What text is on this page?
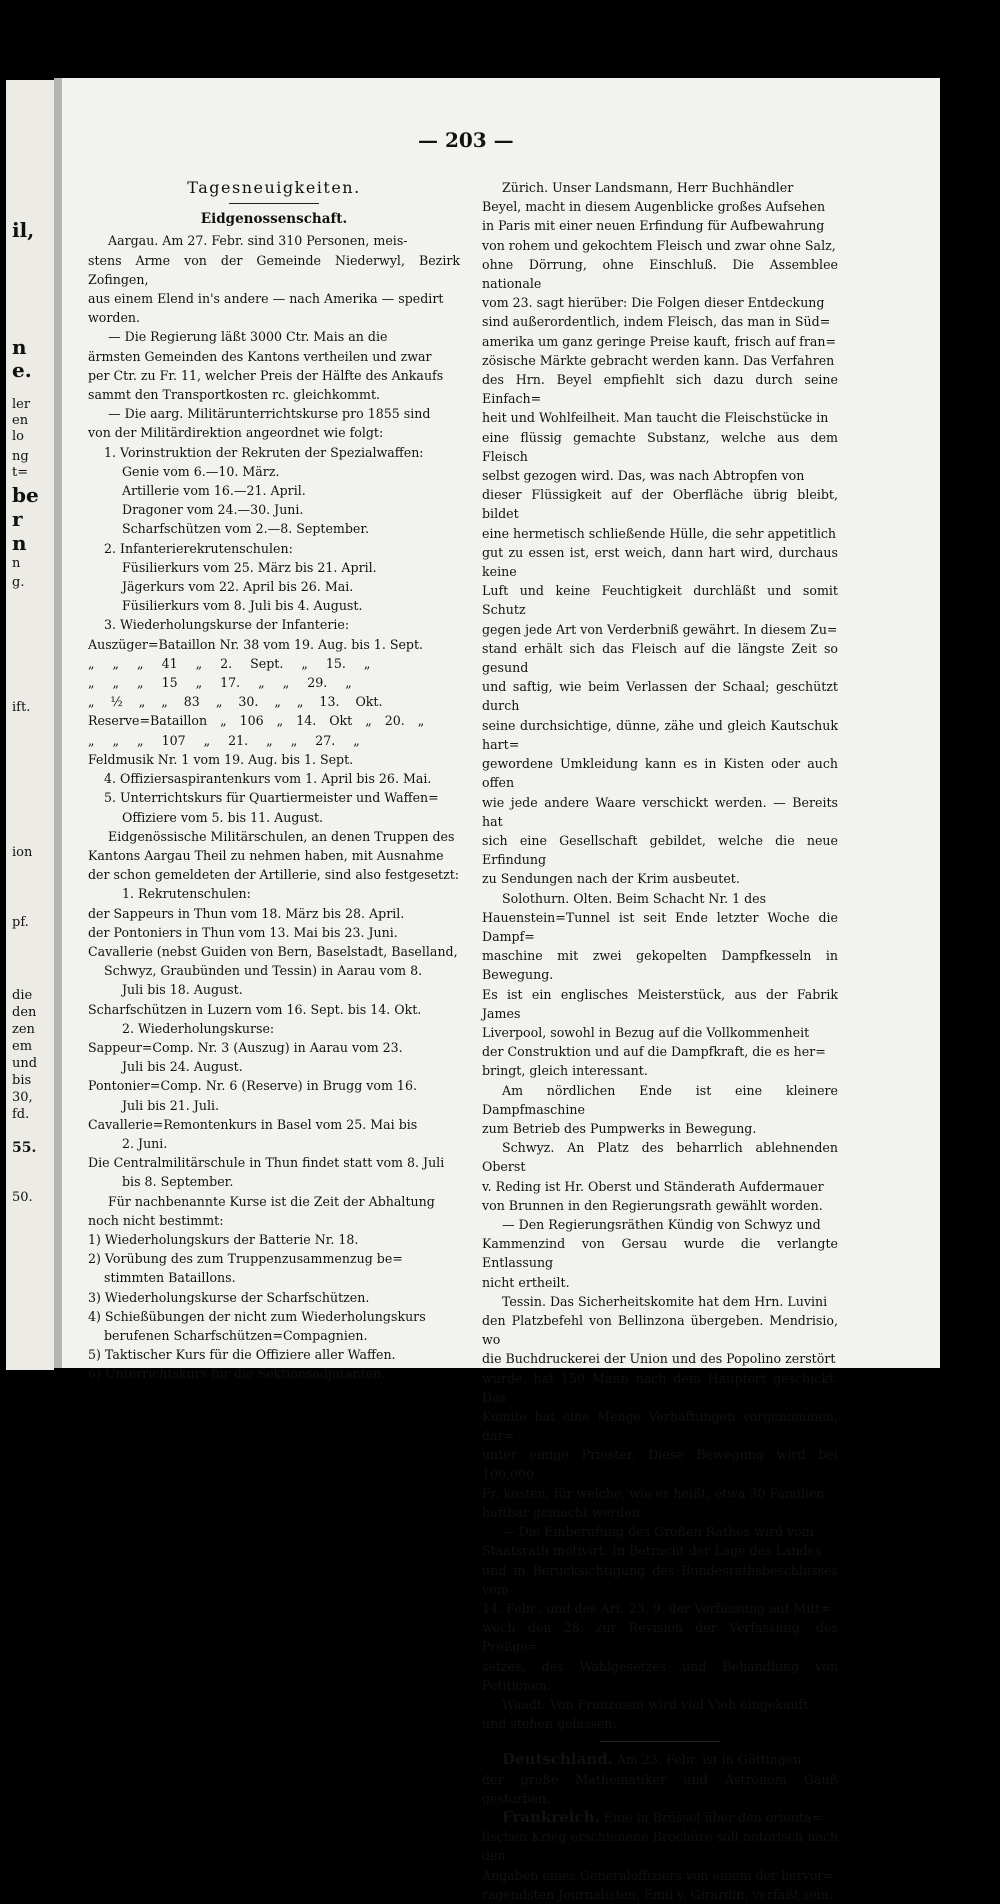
il,
n
e.
ler
en
lo
ng
t=
be
r
n
n
g.
ift.
ion
pf.
die
den
zen
em
und
bis
30,
fd.
55.
50.
— 203 —

Tagesneuigkeiten.

Eidgenossenschaft.

Aargau. Am 27. Febr. sind 310 Personen, meis-

stens Arme von der Gemeinde Niederwyl, Bezirk Zofingen,

aus einem Elend in's andere — nach Amerika — spedirt

worden.

— Die Regierung läßt 3000 Ctr. Mais an die

ärmsten Gemeinden des Kantons vertheilen und zwar

per Ctr. zu Fr. 11, welcher Preis der Hälfte des Ankaufs

sammt den Transportkosten rc. gleichkommt.

— Die aarg. Militärunterrichtskurse pro 1855 sind

von der Militärdirektion angeordnet wie folgt:

1. Vorinstruktion der Rekruten der Spezialwaffen:

Genie vom 6.—10. März.

Artillerie vom 16.—21. April.

Dragoner vom 24.—30. Juni.

Scharfschützen vom 2.—8. September.

2. Infanterierekrutenschulen:

Füsilierkurs vom 25. März bis 21. April.

Jägerkurs vom 22. April bis 26. Mai.

Füsilierkurs vom 8. Juli bis 4. August.

3. Wiederholungskurse der Infanterie:

Auszüger=Bataillon Nr. 38 vom 19. Aug. bis 1. Sept.

„ „ „ 41 „ 2. Sept. „ 15. „

„ „ „ 15 „ 17. „ „ 29. „

„ ½ „ „ 83 „ 30. „ „ 13. Okt.

Reserve=Bataillon „ 106 „ 14. Okt „ 20. „

„ „ „ 107 „ 21. „ „ 27. „

Feldmusik Nr. 1 vom 19. Aug. bis 1. Sept.

4. Offiziersaspirantenkurs vom 1. April bis 26. Mai.

5. Unterrichtskurs für Quartiermeister und Waffen=

Offiziere vom 5. bis 11. August.

Eidgenössische Militärschulen, an denen Truppen des

Kantons Aargau Theil zu nehmen haben, mit Ausnahme

der schon gemeldeten der Artillerie, sind also festgesetzt:

1. Rekrutenschulen:

der Sappeurs in Thun vom 18. März bis 28. April.

der Pontoniers in Thun vom 13. Mai bis 23. Juni.

Cavallerie (nebst Guiden von Bern, Baselstadt, Baselland,

Schwyz, Graubünden und Tessin) in Aarau vom 8.

Juli bis 18. August.

Scharfschützen in Luzern vom 16. Sept. bis 14. Okt.

2. Wiederholungskurse:

Sappeur=Comp. Nr. 3 (Auszug) in Aarau vom 23.

Juli bis 24. August.

Pontonier=Comp. Nr. 6 (Reserve) in Brugg vom 16.

Juli bis 21. Juli.

Cavallerie=Remontenkurs in Basel vom 25. Mai bis

2. Juni.

Die Centralmilitärschule in Thun findet statt vom 8. Juli

bis 8. September.

Für nachbenannte Kurse ist die Zeit der Abhaltung

noch nicht bestimmt:

1) Wiederholungskurs der Batterie Nr. 18.

2) Vorübung des zum Truppenzusammenzug be=

stimmten Bataillons.

3) Wiederholungskurse der Scharfschützen.

4) Schießübungen der nicht zum Wiederholungskurs

berufenen Scharfschützen=Compagnien.

5) Taktischer Kurs für die Offiziere aller Waffen.

6) Unterrichtskurs für die Sektionsadjutanten.

Zürich. Unser Landsmann, Herr Buchhändler

Beyel, macht in diesem Augenblicke großes Aufsehen

in Paris mit einer neuen Erfindung für Aufbewahrung

von rohem und gekochtem Fleisch und zwar ohne Salz,

ohne Dörrung, ohne Einschluß. Die Assemblee nationale

vom 23. sagt hierüber: Die Folgen dieser Entdeckung

sind außerordentlich, indem Fleisch, das man in Süd=

amerika um ganz geringe Preise kauft, frisch auf fran=

zösische Märkte gebracht werden kann. Das Verfahren

des Hrn. Beyel empfiehlt sich dazu durch seine Einfach=

heit und Wohlfeilheit. Man taucht die Fleischstücke in

eine flüssig gemachte Substanz, welche aus dem Fleisch

selbst gezogen wird. Das, was nach Abtropfen von

dieser Flüssigkeit auf der Oberfläche übrig bleibt, bildet

eine hermetisch schließende Hülle, die sehr appetitlich

gut zu essen ist, erst weich, dann hart wird, durchaus keine

Luft und keine Feuchtigkeit durchläßt und somit Schutz

gegen jede Art von Verderbniß gewährt. In diesem Zu=

stand erhält sich das Fleisch auf die längste Zeit so gesund

und saftig, wie beim Verlassen der Schaal; geschützt durch

seine durchsichtige, dünne, zähe und gleich Kautschuk hart=

gewordene Umkleidung kann es in Kisten oder auch offen

wie jede andere Waare verschickt werden. — Bereits hat

sich eine Gesellschaft gebildet, welche die neue Erfindung

zu Sendungen nach der Krim ausbeutet.

Solothurn. Olten. Beim Schacht Nr. 1 des

Hauenstein=Tunnel ist seit Ende letzter Woche die Dampf=

maschine mit zwei gekopelten Dampfkesseln in Bewegung.

Es ist ein englisches Meisterstück, aus der Fabrik James

Liverpool, sowohl in Bezug auf die Vollkommenheit

der Construktion und auf die Dampfkraft, die es her=

bringt, gleich interessant.

Am nördlichen Ende ist eine kleinere Dampfmaschine

zum Betrieb des Pumpwerks in Bewegung.

Schwyz. An Platz des beharrlich ablehnenden Oberst

v. Reding ist Hr. Oberst und Ständerath Aufdermauer

von Brunnen in den Regierungsrath gewählt worden.

— Den Regierungsräthen Kündig von Schwyz und

Kammenzind von Gersau wurde die verlangte Entlassung

nicht ertheilt.

Tessin. Das Sicherheitskomite hat dem Hrn. Luvini

den Platzbefehl von Bellinzona übergeben. Mendrisio, wo

die Buchdruckerei der Union und des Popolino zerstört

wurde, hat 150 Mann nach dem Hauptort geschickt. Das

Komite hat eine Menge Verhaftungen vorgenommen, dar=

unter einige Priester. Diese Bewegung wird bei 100,000

Fr. kosten, für welche, wie es heißt, etwa 30 Familien

haftbar gemacht werden.

— Die Einberufung des Großen Rathes wird vom

Staatsrath motivirt: In Betracht der Lage des Landes

und in Berücksichtigung des Bundesrathsbeschlusses vom

14. Febr., und des Art. 23, 9. der Verfassung auf Mitt=

woch den 28. zur Revision der Verfassung, des Preßge=

setzes, des Wahlgesetzes und Behandlung von Petitionen.

Waadt. Von Franzosen wird viel Vieh eingekauft

und stehen gelassen.

Deutschland. Am 23. Febr. ist in Göttingen

der große Mathematiker und Astronom Gauß gestorben.

Frankreich. Eine in Brüssel über den orienta=

lischen Krieg erschienene Brochüre soll notorisch nach den

Angaben eines Generaloffiziers von einem der hervor=

ragendsten Journalisten, Emil v. Girardin, verfaßt sein.
